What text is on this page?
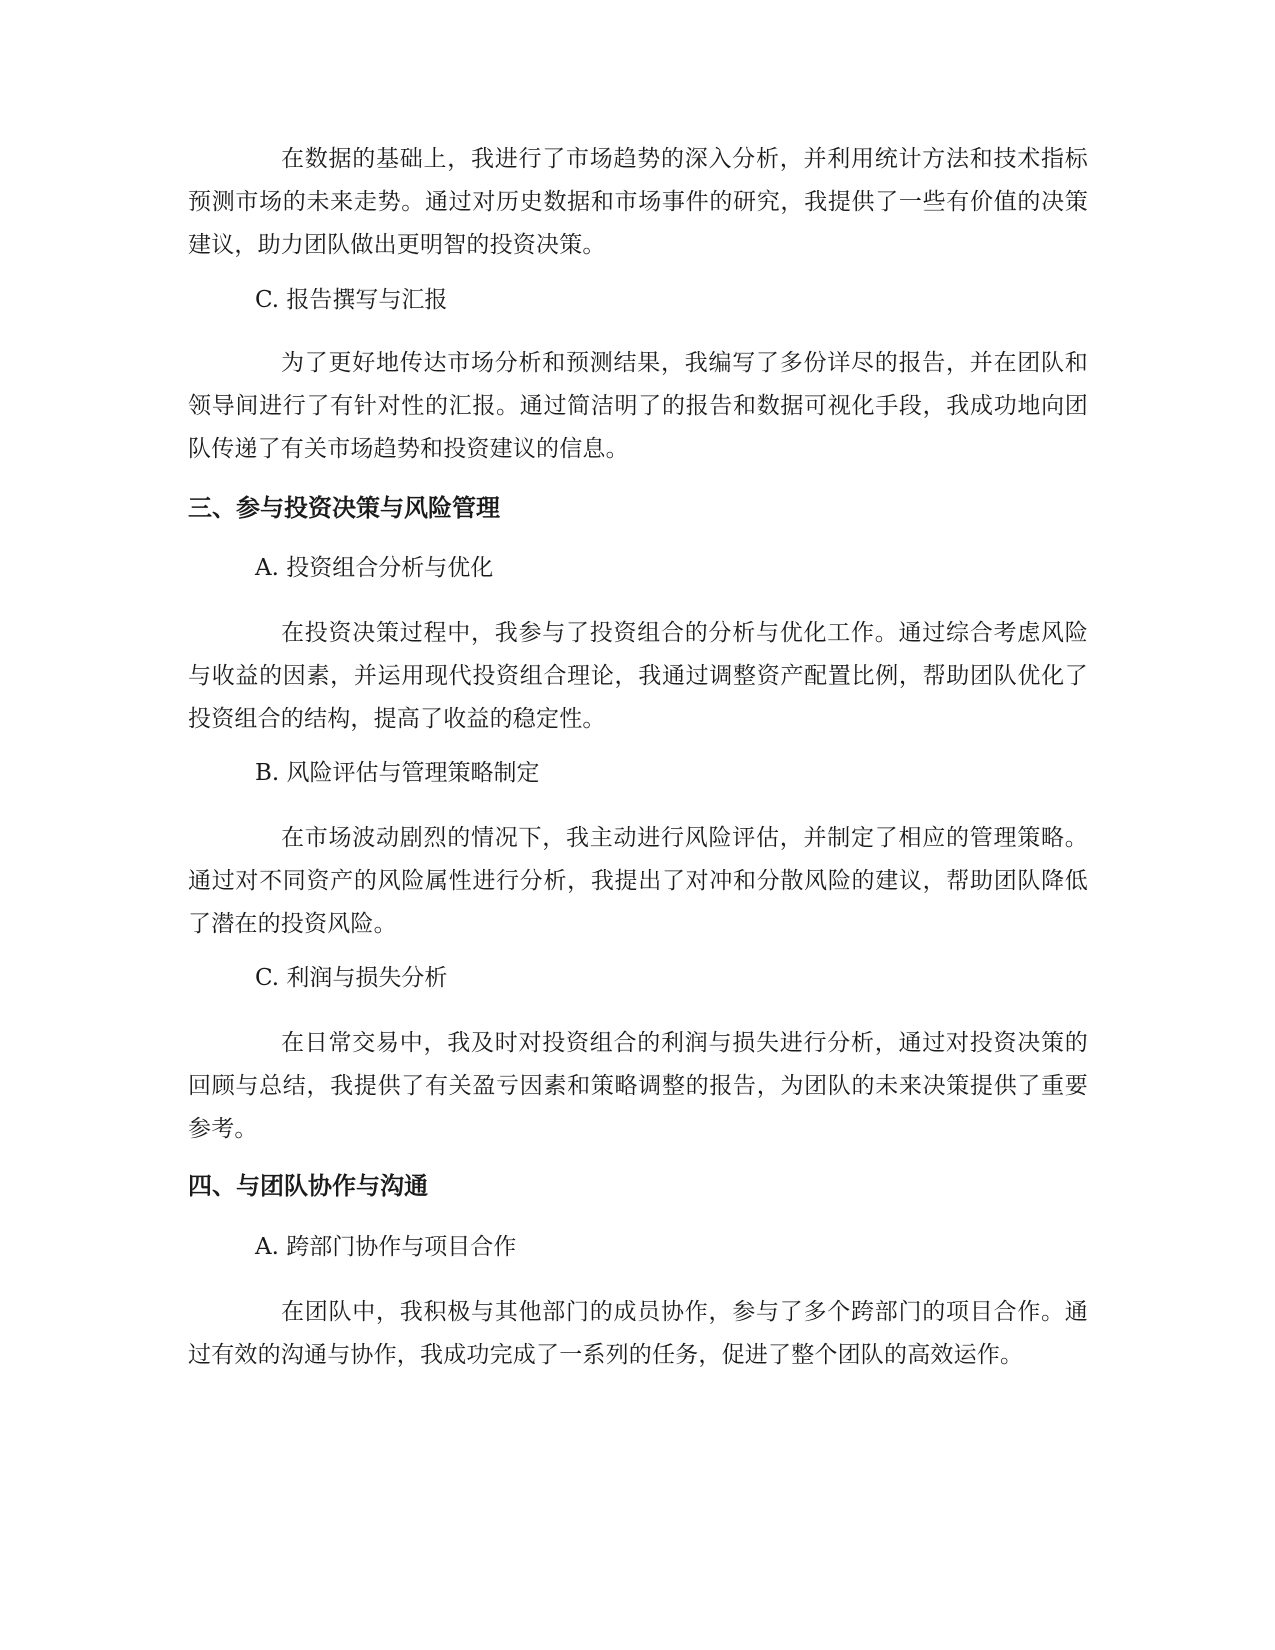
在数据的基础上，我进行了市场趋势的深入分析，并利用统计方法和技术指标预测市场的未来走势。通过对历史数据和市场事件的研究，我提供了一些有价值的决策建议，助力团队做出更明智的投资决策。

C. 报告撰写与汇报

为了更好地传达市场分析和预测结果，我编写了多份详尽的报告，并在团队和领导间进行了有针对性的汇报。通过简洁明了的报告和数据可视化手段，我成功地向团队传递了有关市场趋势和投资建议的信息。

三、参与投资决策与风险管理

A. 投资组合分析与优化

在投资决策过程中，我参与了投资组合的分析与优化工作。通过综合考虑风险与收益的因素，并运用现代投资组合理论，我通过调整资产配置比例，帮助团队优化了投资组合的结构，提高了收益的稳定性。

B. 风险评估与管理策略制定

在市场波动剧烈的情况下，我主动进行风险评估，并制定了相应的管理策略。通过对不同资产的风险属性进行分析，我提出了对冲和分散风险的建议，帮助团队降低了潜在的投资风险。

C. 利润与损失分析

在日常交易中，我及时对投资组合的利润与损失进行分析，通过对投资决策的回顾与总结，我提供了有关盈亏因素和策略调整的报告，为团队的未来决策提供了重要参考。

四、与团队协作与沟通

A. 跨部门协作与项目合作

在团队中，我积极与其他部门的成员协作，参与了多个跨部门的项目合作。通过有效的沟通与协作，我成功完成了一系列的任务，促进了整个团队的高效运作。
